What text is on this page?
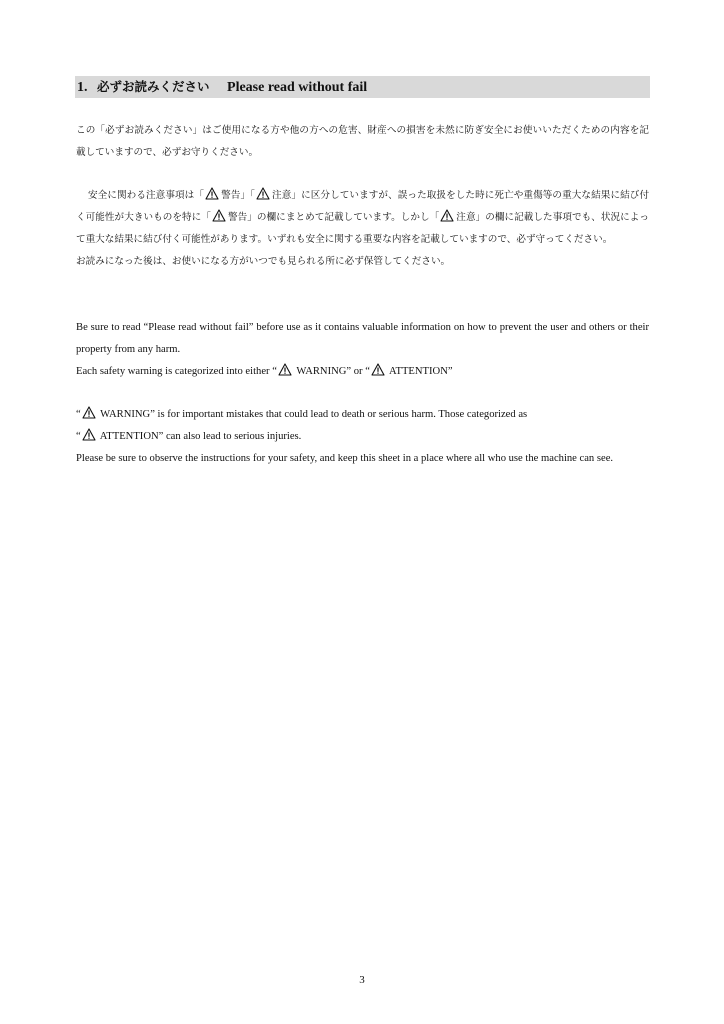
1. 必ずお読みください Please read without fail

この「必ずお読みください」はご使用になる方や他の方への危害、財産への損害を未然に防ぎ安全にお使いいただくための内容を記載していますので、必ずお守りください。

安全に関わる注意事項は「 警告」「 注意」に区分していますが、誤った取扱をした時に死亡や重傷等の重大な結果に結び付く可能性が大きいものを特に「 警告」の欄にまとめて記載しています。しかし「 注意」の欄に記載した事項でも、状況によって重大な結果に結び付く可能性があります。いずれも安全に関する重要な内容を記載していますので、必ず守ってください。

お読みになった後は、お使いになる方がいつでも見られる所に必ず保管してください。

Be sure to read “Please read without fail” before use as it contains valuable information on how to prevent the user and others or their property from any harm.

Each safety warning is categorized into either “ WARNING” or “ ATTENTION”

“ WARNING” is for important mistakes that could lead to death or serious harm. Those categorized as

“ ATTENTION” can also lead to serious injuries.

Please be sure to observe the instructions for your safety, and keep this sheet in a place where all who use the machine can see.

3
